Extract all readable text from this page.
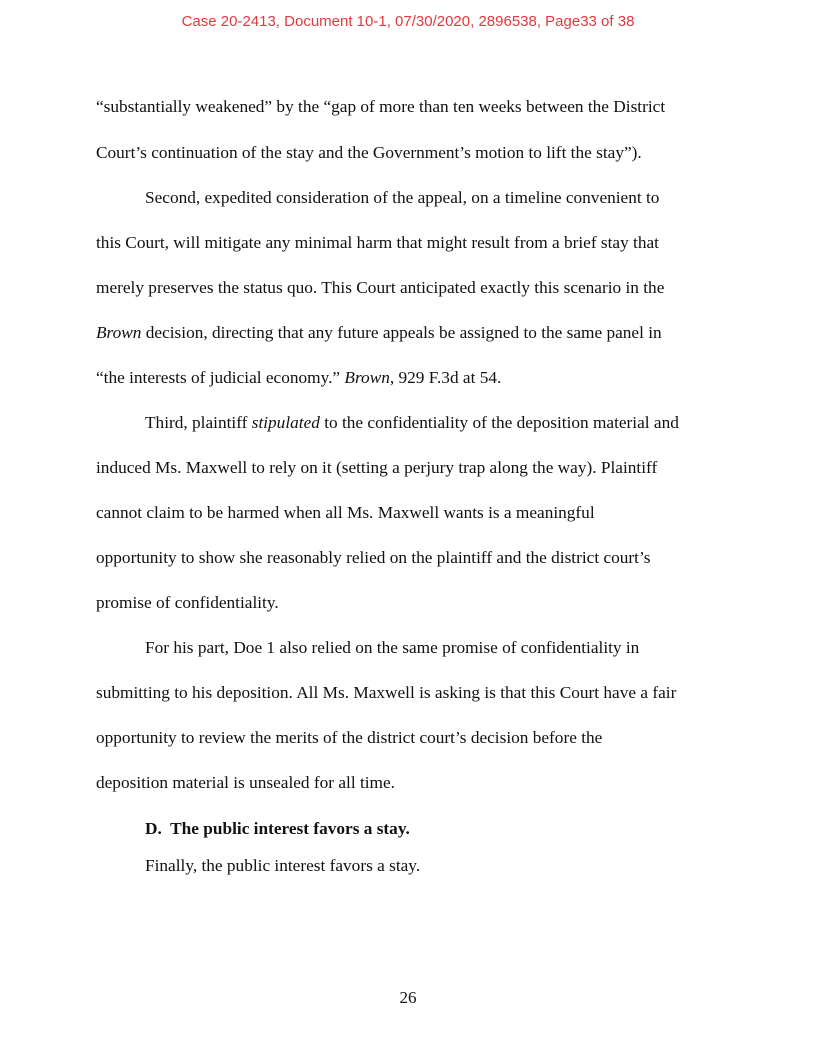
Case 20-2413, Document 10-1, 07/30/2020, 2896538, Page33 of 38
“substantially weakened” by the “gap of more than ten weeks between the District
Court’s continuation of the stay and the Government’s motion to lift the stay”).
Second, expedited consideration of the appeal, on a timeline convenient to
this Court, will mitigate any minimal harm that might result from a brief stay that
merely preserves the status quo. This Court anticipated exactly this scenario in the
Brown decision, directing that any future appeals be assigned to the same panel in
“the interests of judicial economy.” Brown, 929 F.3d at 54.
Third, plaintiff stipulated to the confidentiality of the deposition material and
induced Ms. Maxwell to rely on it (setting a perjury trap along the way). Plaintiff
cannot claim to be harmed when all Ms. Maxwell wants is a meaningful
opportunity to show she reasonably relied on the plaintiff and the district court’s
promise of confidentiality.
For his part, Doe 1 also relied on the same promise of confidentiality in
submitting to his deposition. All Ms. Maxwell is asking is that this Court have a fair
opportunity to review the merits of the district court’s decision before the
deposition material is unsealed for all time.
D.  The public interest favors a stay.
Finally, the public interest favors a stay.
26
